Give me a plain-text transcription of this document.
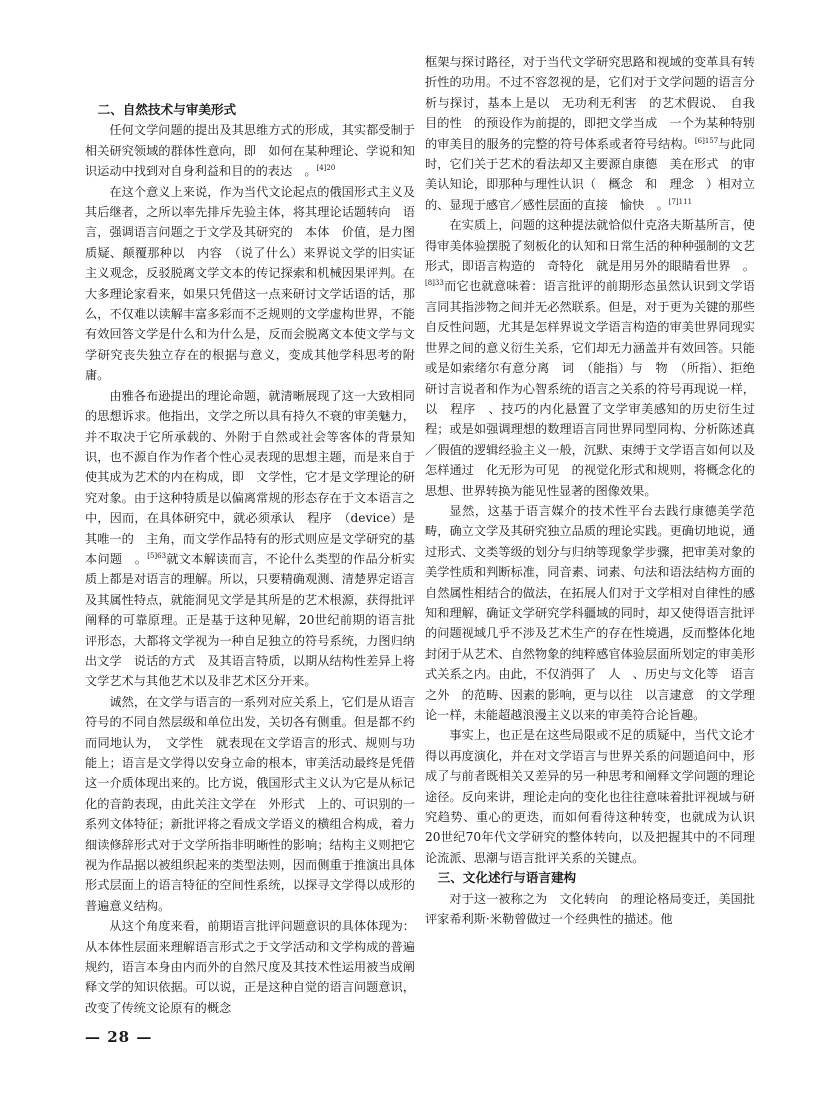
二、自然技术与审美形式

任何文学问题的提出及其思维方式的形成，其实都受制于相关研究领域的群体性意向，即　如何在某种理论、学说和知识运动中找到对自身利益和目的的表达　。$^{[4]20}$

在这个意义上来说，作为当代文论起点的俄国形式主义及其后继者，之所以率先排斥先验主体，将其理论话题转向　语言，强调语言问题之于文学及其研究的　本体　价值，是力图质疑、颠覆那种以　内容　（说了什么）来界说文学的旧实证主义观念，反驳脱离文学文本的传记探索和机械因果评判。在大多理论家看来，如果只凭借这一点来研讨文学话语的话，那么，不仅难以读解丰富多彩而不乏规则的文学虚构世界，不能有效回答文学是什么和为什么是，反而会脱离文本使文学与文学研究丧失独立存在的根据与意义，变成其他学科思考的附庸。

由雅各布逊提出的理论命题，就清晰展现了这一大致相同的思想诉求。他指出，文学之所以具有持久不衰的审美魅力，并不取决于它所承载的、外附于自然或社会等客体的背景知识，也不源自作为作者个性心灵表现的思想主题，而是来自于使其成为艺术的内在构成，即　文学性，它才是文学理论的研究对象。由于这种特质是以偏离常规的形态存在于文本语言之中，因而，在具体研究中，就必须承认　程序　（device）是其唯一的　主角，而文学作品特有的形式则应是文学研究的基本问题　。$^{[5]63}$就文本解读而言，不论什么类型的作品分析实质上都是对语言的理解。所以，只要精确观测、清楚界定语言及其属性特点，就能洞见文学是其所是的艺术根源，获得批评阐释的可靠原理。正是基于这种见解，20世纪前期的语言批评形态，大都将文学视为一种自足独立的符号系统，力图归纳出文学　说话的方式　及其语言特质，以期从结构性差异上将文学艺术与其他艺术以及非艺术区分开来。

诚然，在文学与语言的一系列对应关系上，它们是从语言符号的不同自然层级和单位出发，关切各有侧重。但是都不约而同地认为，　文学性　就表现在文学语言的形式、规则与功能上；语言是文学得以安身立命的根本，审美活动最终是凭借这一介质体现出来的。比方说，俄国形式主义认为它是从标记化的音韵表现，由此关注文学在　外形式　上的、可识别的一系列文体特征；新批评将之看成文学语义的横组合构成，着力细读修辞形式对于文学所指非明晰性的影响；结构主义则把它视为作品据以被组织起来的类型法则，因而侧重于推演出具体形式层面上的语言特征的空间性系统，以探寻文学得以成形的普遍意义结构。

从这个角度来看，前期语言批评问题意识的具体体现为：从本体性层面来理解语言形式之于文学活动和文学构成的普遍规约，语言本身由内而外的自然尺度及其技术性运用被当成阐释文学的知识依据。可以说，正是这种自觉的语言问题意识，改变了传统文论原有的概念

框架与探讨路径，对于当代文学研究思路和视域的变革具有转折性的功用。不过不容忽视的是，它们对于文学问题的语言分析与探讨，基本上是以　无功利无利害　的艺术假说、　自我目的性　的预设作为前提的，即把文学当成　一个为某种特别的审美目的服务的完整的符号体系或者符号结构。$^{[6]157}$与此同时，它们关于艺术的看法却又主要源自康德　美在形式　的审美认知论，即那种与理性认识（　概念　和　理念　）相对立的、显现于感官／感性层面的直接　愉快　。$^{[7]111}$

在实质上，问题的这种提法就恰似什克洛夫斯基所言，使得审美体验摆脱了刻板化的认知和日常生活的种种强制的文艺形式，即语言构造的　奇特化　就是用另外的眼睛看世界　。$^{[8]33}$而它也就意味着：语言批评的前期形态虽然认识到文学语言同其指涉物之间并无必然联系。但是，对于更为关键的那些自反性问题，尤其是怎样界说文学语言构造的审美世界同现实世界之间的意义衍生关系，它们却无力涵盖并有效回答。只能或是如索绪尔有意分离　词　（能指）与　物　（所指）、拒绝研讨言说者和作为心智系统的语言之关系的符号再现说一样，以　程序　、技巧的内化悬置了文学审美感知的历史衍生过程；或是如强调理想的数理语言同世界同型同构、分析陈述真／假值的逻辑经验主义一般，沉默、束缚于文学语言如何以及怎样通过　化无形为可见　的视觉化形式和规则，将概念化的思想、世界转换为能见性显著的图像效果。

显然，这基于语言媒介的技术性平台去践行康德美学范畴，确立文学及其研究独立品质的理论实践。更确切地说，通过形式、文类等级的划分与归纳等现象学步骤，把审美对象的美学性质和判断标准，同音素、词素、句法和语法结构方面的自然属性相结合的做法，在拓展人们对于文学相对自律性的感知和理解，确证文学研究学科疆域的同时，却又使得语言批评的问题视域几乎不涉及艺术生产的存在性境遇，反而整体化地封闭于从艺术、自然物象的纯粹感官体验层面所划定的审美形式关系之内。由此，不仅消弭了　人　、历史与文化等　语言之外　的范畴、因素的影响，更与以往　以言逮意　的文学理论一样，未能超越浪漫主义以来的审美符合论旨趣。

事实上，也正是在这些局限或不足的质疑中，当代文论才得以再度演化，并在对文学语言与世界关系的问题追问中，形成了与前者既相关又差异的另一种思考和阐释文学问题的理论途径。反向来讲，理论走向的变化也往往意味着批评视域与研究趋势、重心的更迭，而如何看待这种转变，也就成为认识20世纪70年代文学研究的整体转向，以及把握其中的不同理论流派、思潮与语言批评关系的关键点。

三、文化述行与语言建构

对于这一被称之为　文化转向　的理论格局变迁，美国批评家希利斯·米勒曾做过一个经典性的描述。他

— 28 —
